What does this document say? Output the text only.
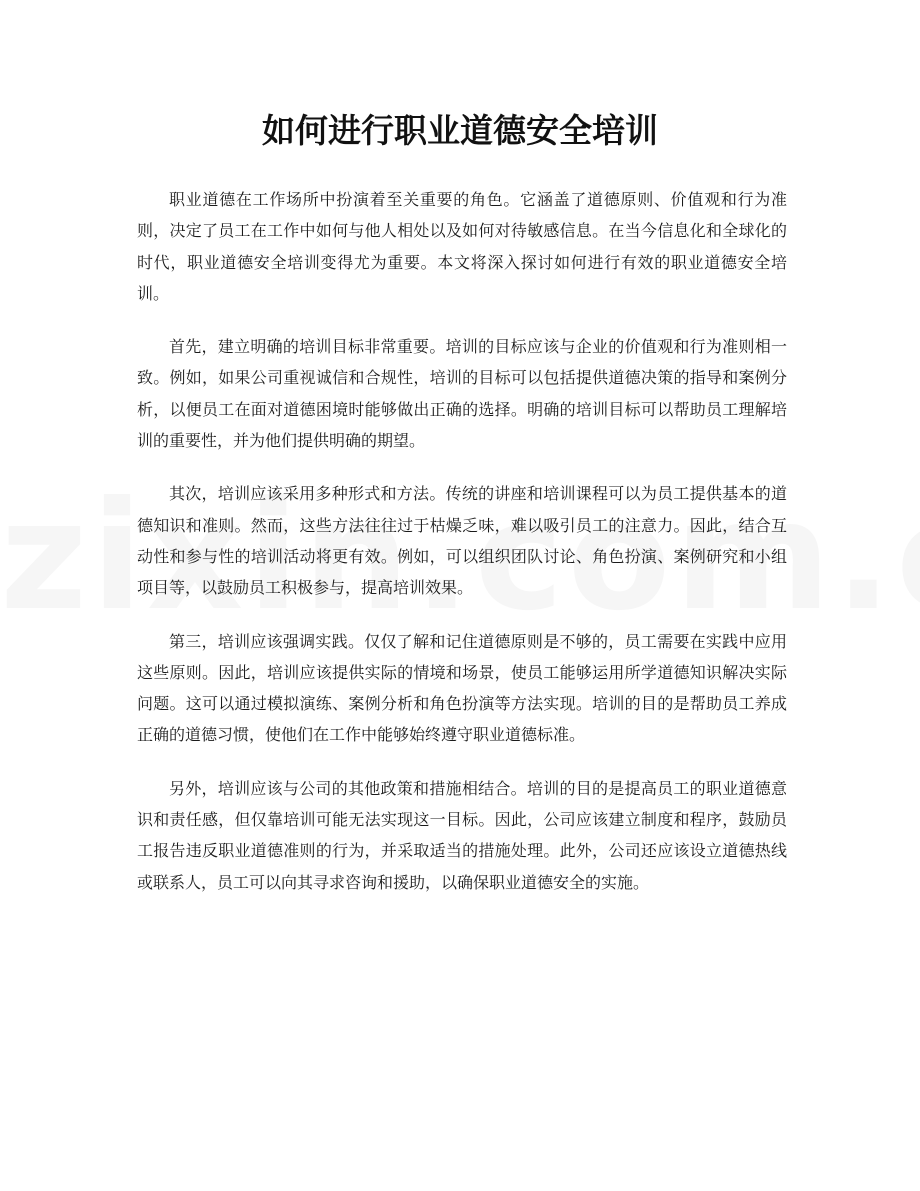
如何进行职业道德安全培训

职业道德在工作场所中扮演着至关重要的角色。它涵盖了道德原则、价值观和行为准则，决定了员工在工作中如何与他人相处以及如何对待敏感信息。在当今信息化和全球化的时代，职业道德安全培训变得尤为重要。本文将深入探讨如何进行有效的职业道德安全培训。

首先，建立明确的培训目标非常重要。培训的目标应该与企业的价值观和行为准则相一致。例如，如果公司重视诚信和合规性，培训的目标可以包括提供道德决策的指导和案例分析，以便员工在面对道德困境时能够做出正确的选择。明确的培训目标可以帮助员工理解培训的重要性，并为他们提供明确的期望。

其次，培训应该采用多种形式和方法。传统的讲座和培训课程可以为员工提供基本的道德知识和准则。然而，这些方法往往过于枯燥乏味，难以吸引员工的注意力。因此，结合互动性和参与性的培训活动将更有效。例如，可以组织团队讨论、角色扮演、案例研究和小组项目等，以鼓励员工积极参与，提高培训效果。

第三，培训应该强调实践。仅仅了解和记住道德原则是不够的，员工需要在实践中应用这些原则。因此，培训应该提供实际的情境和场景，使员工能够运用所学道德知识解决实际问题。这可以通过模拟演练、案例分析和角色扮演等方法实现。培训的目的是帮助员工养成正确的道德习惯，使他们在工作中能够始终遵守职业道德标准。

另外，培训应该与公司的其他政策和措施相结合。培训的目的是提高员工的职业道德意识和责任感，但仅靠培训可能无法实现这一目标。因此，公司应该建立制度和程序，鼓励员工报告违反职业道德准则的行为，并采取适当的措施处理。此外，公司还应该设立道德热线或联系人，员工可以向其寻求咨询和援助，以确保职业道德安全的实施。
